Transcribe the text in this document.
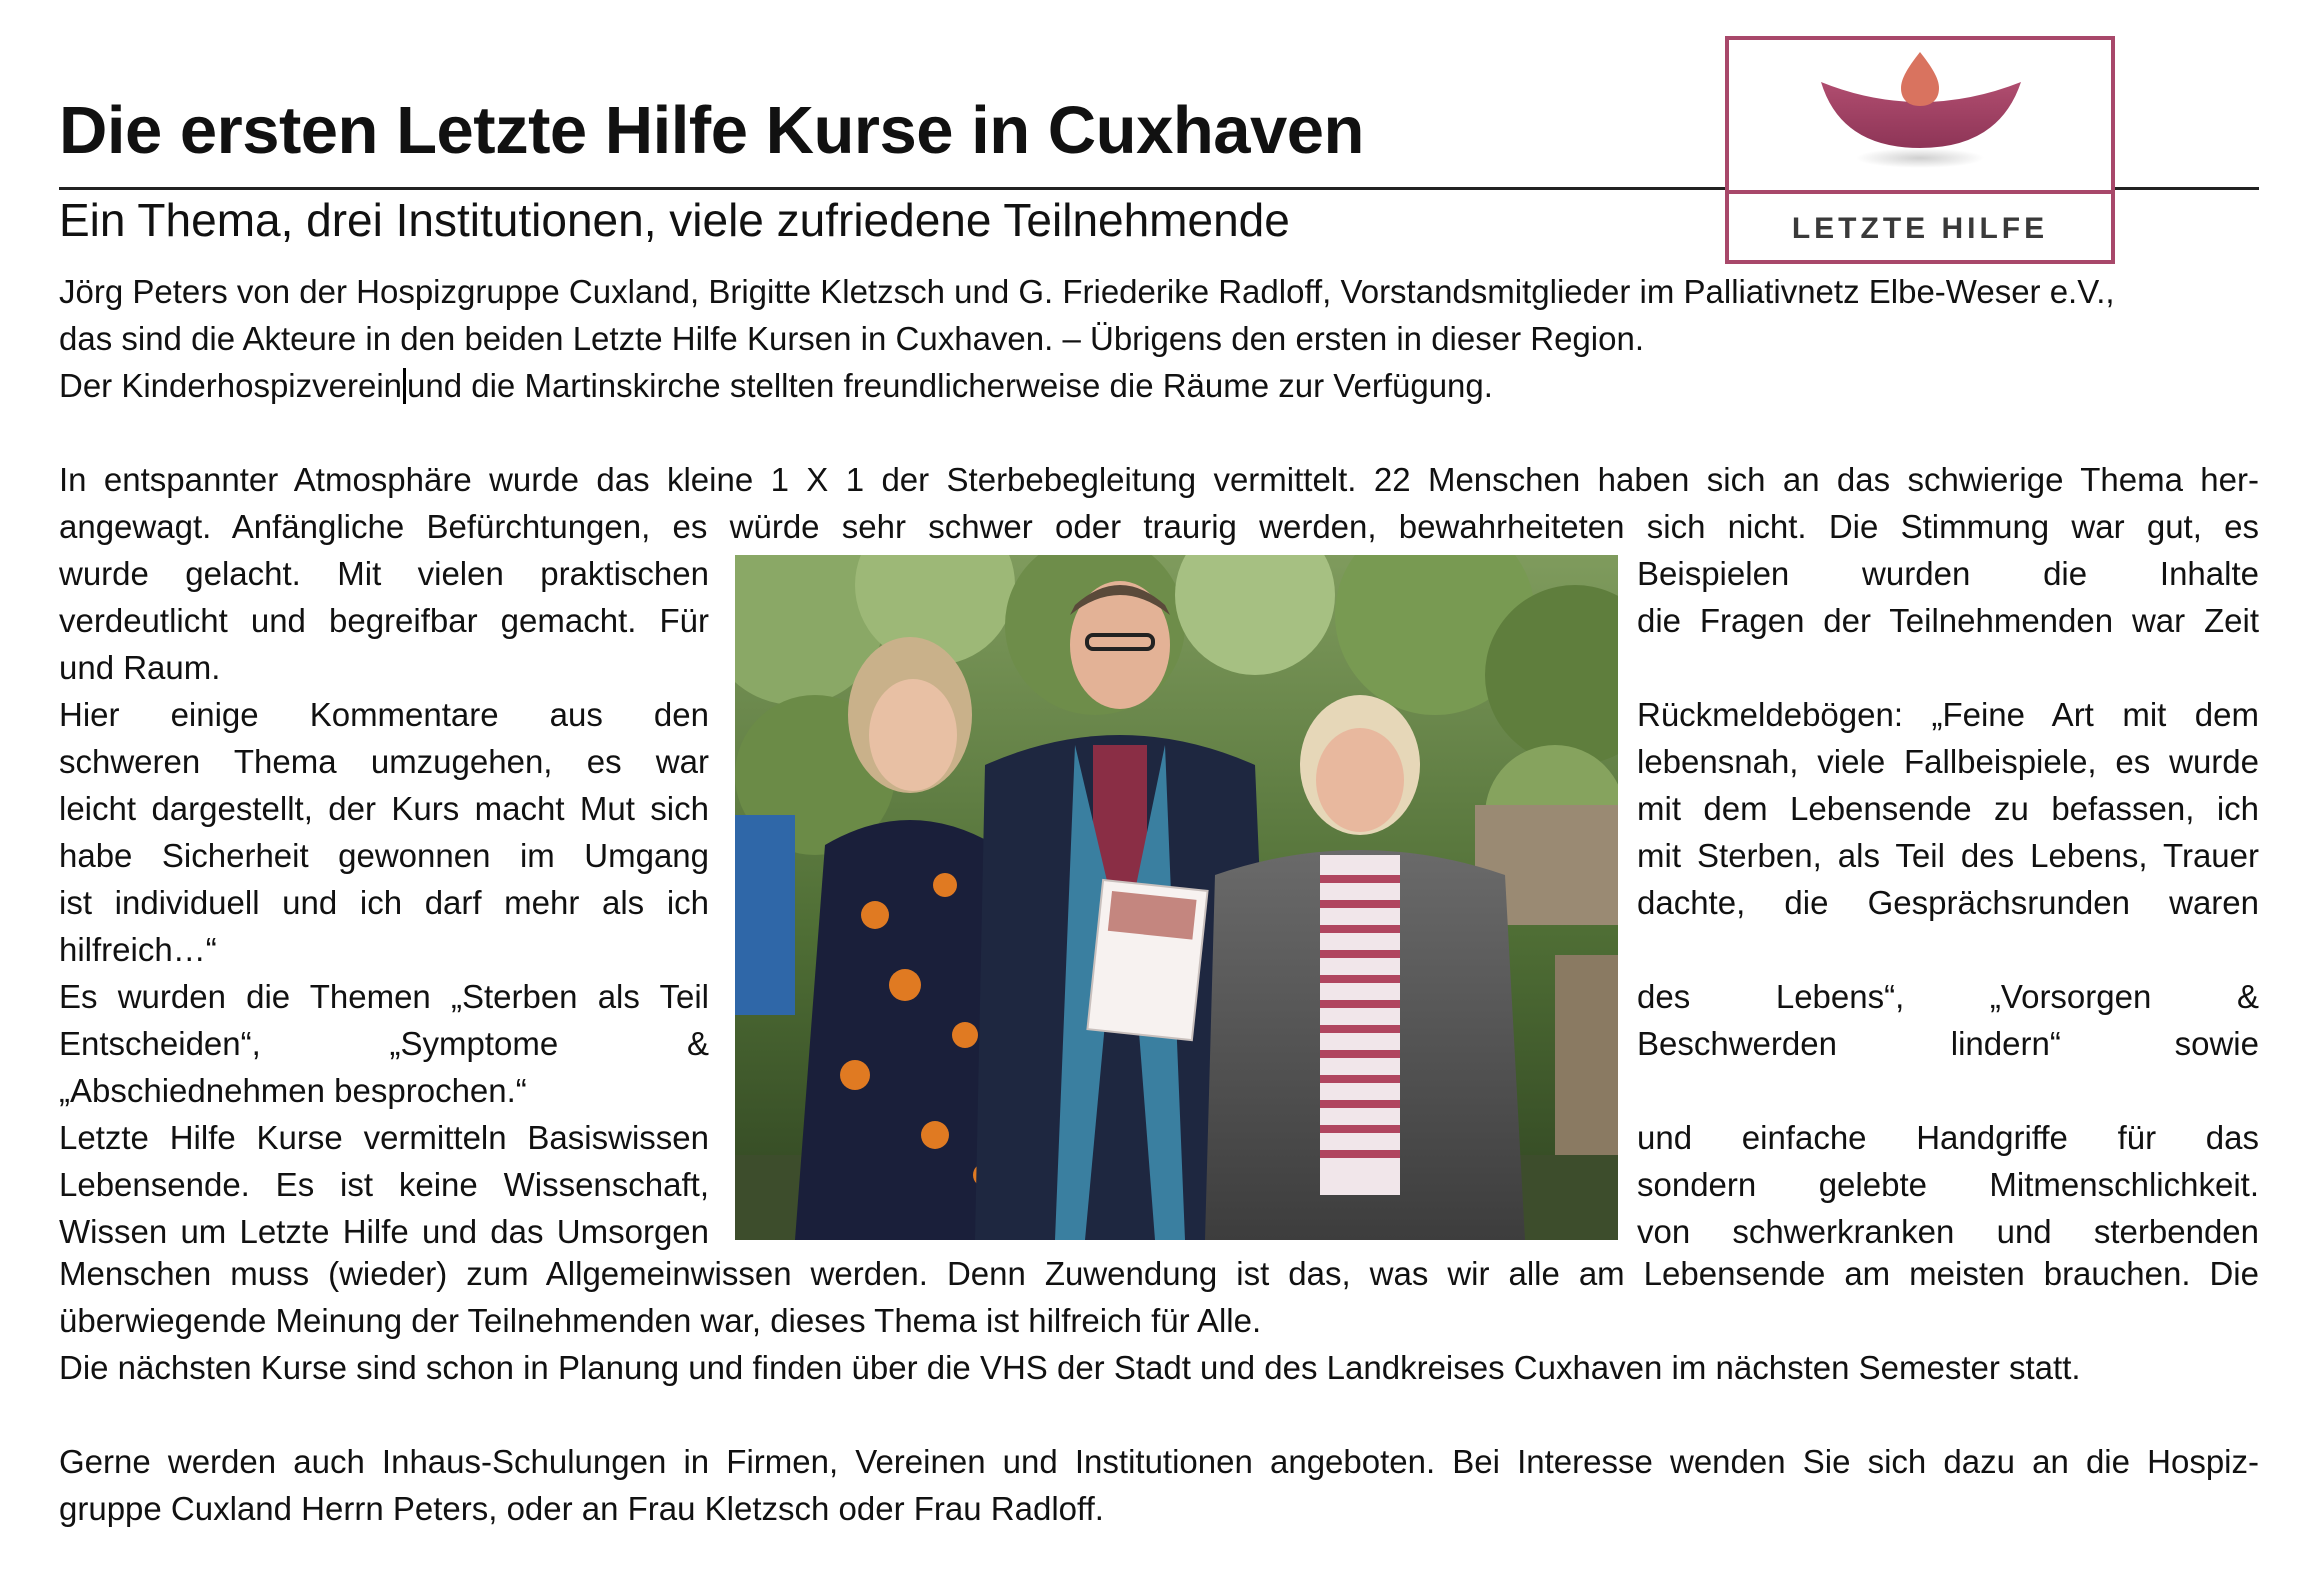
Die ersten Letzte Hilfe Kurse in Cuxhaven
Ein Thema, drei Institutionen, viele zufriedene Teilnehmende	LETZTE HILFE

Jörg Peters von der Hospizgruppe Cuxland, Brigitte Kletzsch und G. Friederike Radloff, Vorstandsmitglieder im Palliativnetz Elbe-Weser e.V.,
das sind die Akteure in den beiden Letzte Hilfe Kursen in Cuxhaven. – Übrigens den ersten in dieser Region.
Der Kinderhospizverein und die Martinskirche stellten freundlicherweise die Räume zur Verfügung.

In entspannter Atmosphäre wurde das kleine 1 X 1 der Sterbebegleitung vermittelt. 22 Menschen haben sich an das schwierige Thema her-
angewagt. Anfängliche Befürchtungen, es würde sehr schwer oder traurig werden, bewahrheiteten sich nicht. Die Stimmung war gut, es

wurde gelacht. Mit vielen praktischen
verdeutlicht und begreifbar gemacht. Für
und Raum.
Hier einige Kommentare aus den
schweren Thema umzugehen, es war
leicht dargestellt, der Kurs macht Mut sich
habe Sicherheit gewonnen im Umgang
ist individuell und ich darf mehr als ich
hilfreich…“
Es wurden die Themen „Sterben als Teil
Entscheiden“, „Symptome &
„Abschiednehmen besprochen.“
Letzte Hilfe Kurse vermitteln Basiswissen
Lebensende. Es ist keine Wissenschaft,
Wissen um Letzte Hilfe und das Umsorgen
Beispielen wurden die Inhalte
die Fragen der Teilnehmenden war Zeit

Rückmeldebögen: „Feine Art mit dem
lebensnah, viele Fallbeispiele, es wurde
mit dem Lebensende zu befassen, ich
mit Sterben, als Teil des Lebens, Trauer
dachte, die Gesprächsrunden waren

des Lebens“, „Vorsorgen &
Beschwerden lindern“ sowie

und einfache Handgriffe für das
sondern gelebte Mitmenschlichkeit.
von schwerkranken und sterbenden

Menschen muss (wieder) zum Allgemeinwissen werden. Denn Zuwendung ist das, was wir alle am Lebensende am meisten brauchen. Die
überwiegende Meinung der Teilnehmenden war, dieses Thema ist hilfreich für Alle.
Die nächsten Kurse sind schon in Planung und finden über die VHS der Stadt und des Landkreises Cuxhaven im nächsten Semester statt.

Gerne werden auch Inhaus-Schulungen in Firmen, Vereinen und Institutionen angeboten. Bei Interesse wenden Sie sich dazu an die Hospiz-
gruppe Cuxland Herrn Peters, oder an Frau Kletzsch oder Frau Radloff.
